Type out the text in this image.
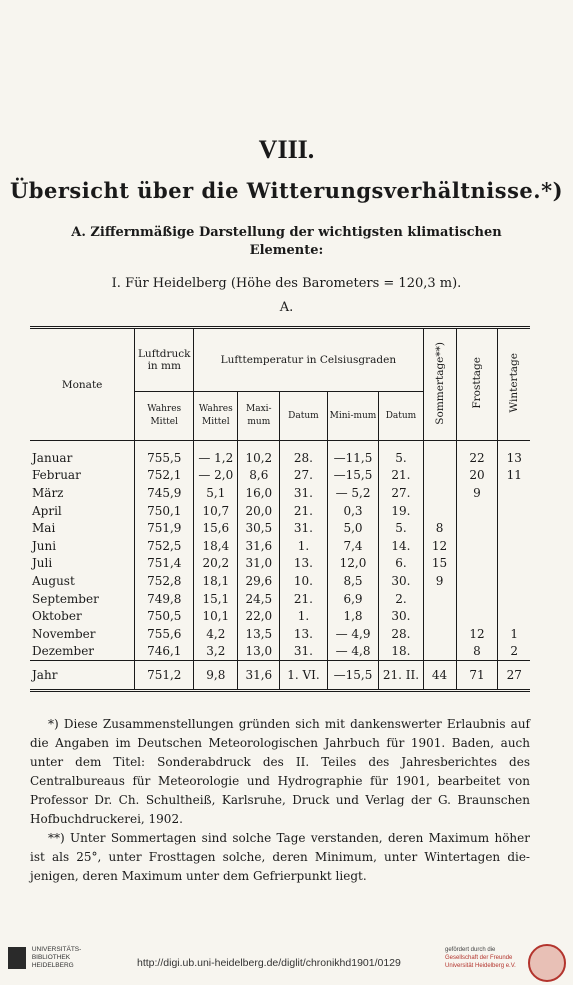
VIII.
Übersicht über die Witterungsverhältnisse.*)
A. Ziffernmäßige Darstellung der wichtigsten klimatischen
Elemente:
I. Für Heidelberg (Höhe des Barometers = 120,3 m).
A.
Monate	Luftdruck in mm	Lufttemperatur in Celsiusgraden					Sommertage**)	Frosttage	Wintertage
	Wahres Mittel	Wahres Mittel	Maxi-mum	Datum	Mini-mum	Datum			
Januar	755,5	— 1,2	10,2	28.	—11,5	5.		22	13
Februar	752,1	— 2,0	8,6	27.	—15,5	21.		20	11
März	745,9	5,1	16,0	31.	— 5,2	27.		9	
April	750,1	10,7	20,0	21.	0,3	19.			
Mai	751,9	15,6	30,5	31.	5,0	5.	8		
Juni	752,5	18,4	31,6	1.	7,4	14.	12		
Juli	751,4	20,2	31,0	13.	12,0	6.	15		
August	752,8	18,1	29,6	10.	8,5	30.	9		
September	749,8	15,1	24,5	21.	6,9	2.			
Oktober	750,5	10,1	22,0	1.	1,8	30.			
November	755,6	4,2	13,5	13.	— 4,9	28.		12	1
Dezember	746,1	3,2	13,0	31.	— 4,8	18.		8	2
Jahr	751,2	9,8	31,6	1. VI.	—15,5	21. II.	44	71	27
*) Diese Zusammenstellungen gründen sich mit dankenswerter Erlaubnis auf die Angaben im Deutschen Meteorologischen Jahrbuch für 1901. Baden, auch unter dem Titel: Sonderabdruck des II. Teiles des Jahresberichtes des Centralbureaus für Meteorologie und Hydrographie für 1901, bearbeitet von Professor Dr. Ch. Schultheiß, Karlsruhe, Druck und Verlag der G. Braunschen Hofbuchdruckerei, 1902.
**) Unter Sommertagen sind solche Tage verstanden, deren Maximum höher ist als 25°, unter Frosttagen solche, deren Minimum, unter Wintertagen die-jenigen, deren Maximum unter dem Gefrierpunkt liegt.

UNIVERSITÄTS-
BIBLIOTHEK
HEIDELBERG	http://digi.ub.uni-heidelberg.de/diglit/chronikhd1901/0129
gefördert durch die
Gesellschaft der Freunde
Universität Heidelberg e.V.
